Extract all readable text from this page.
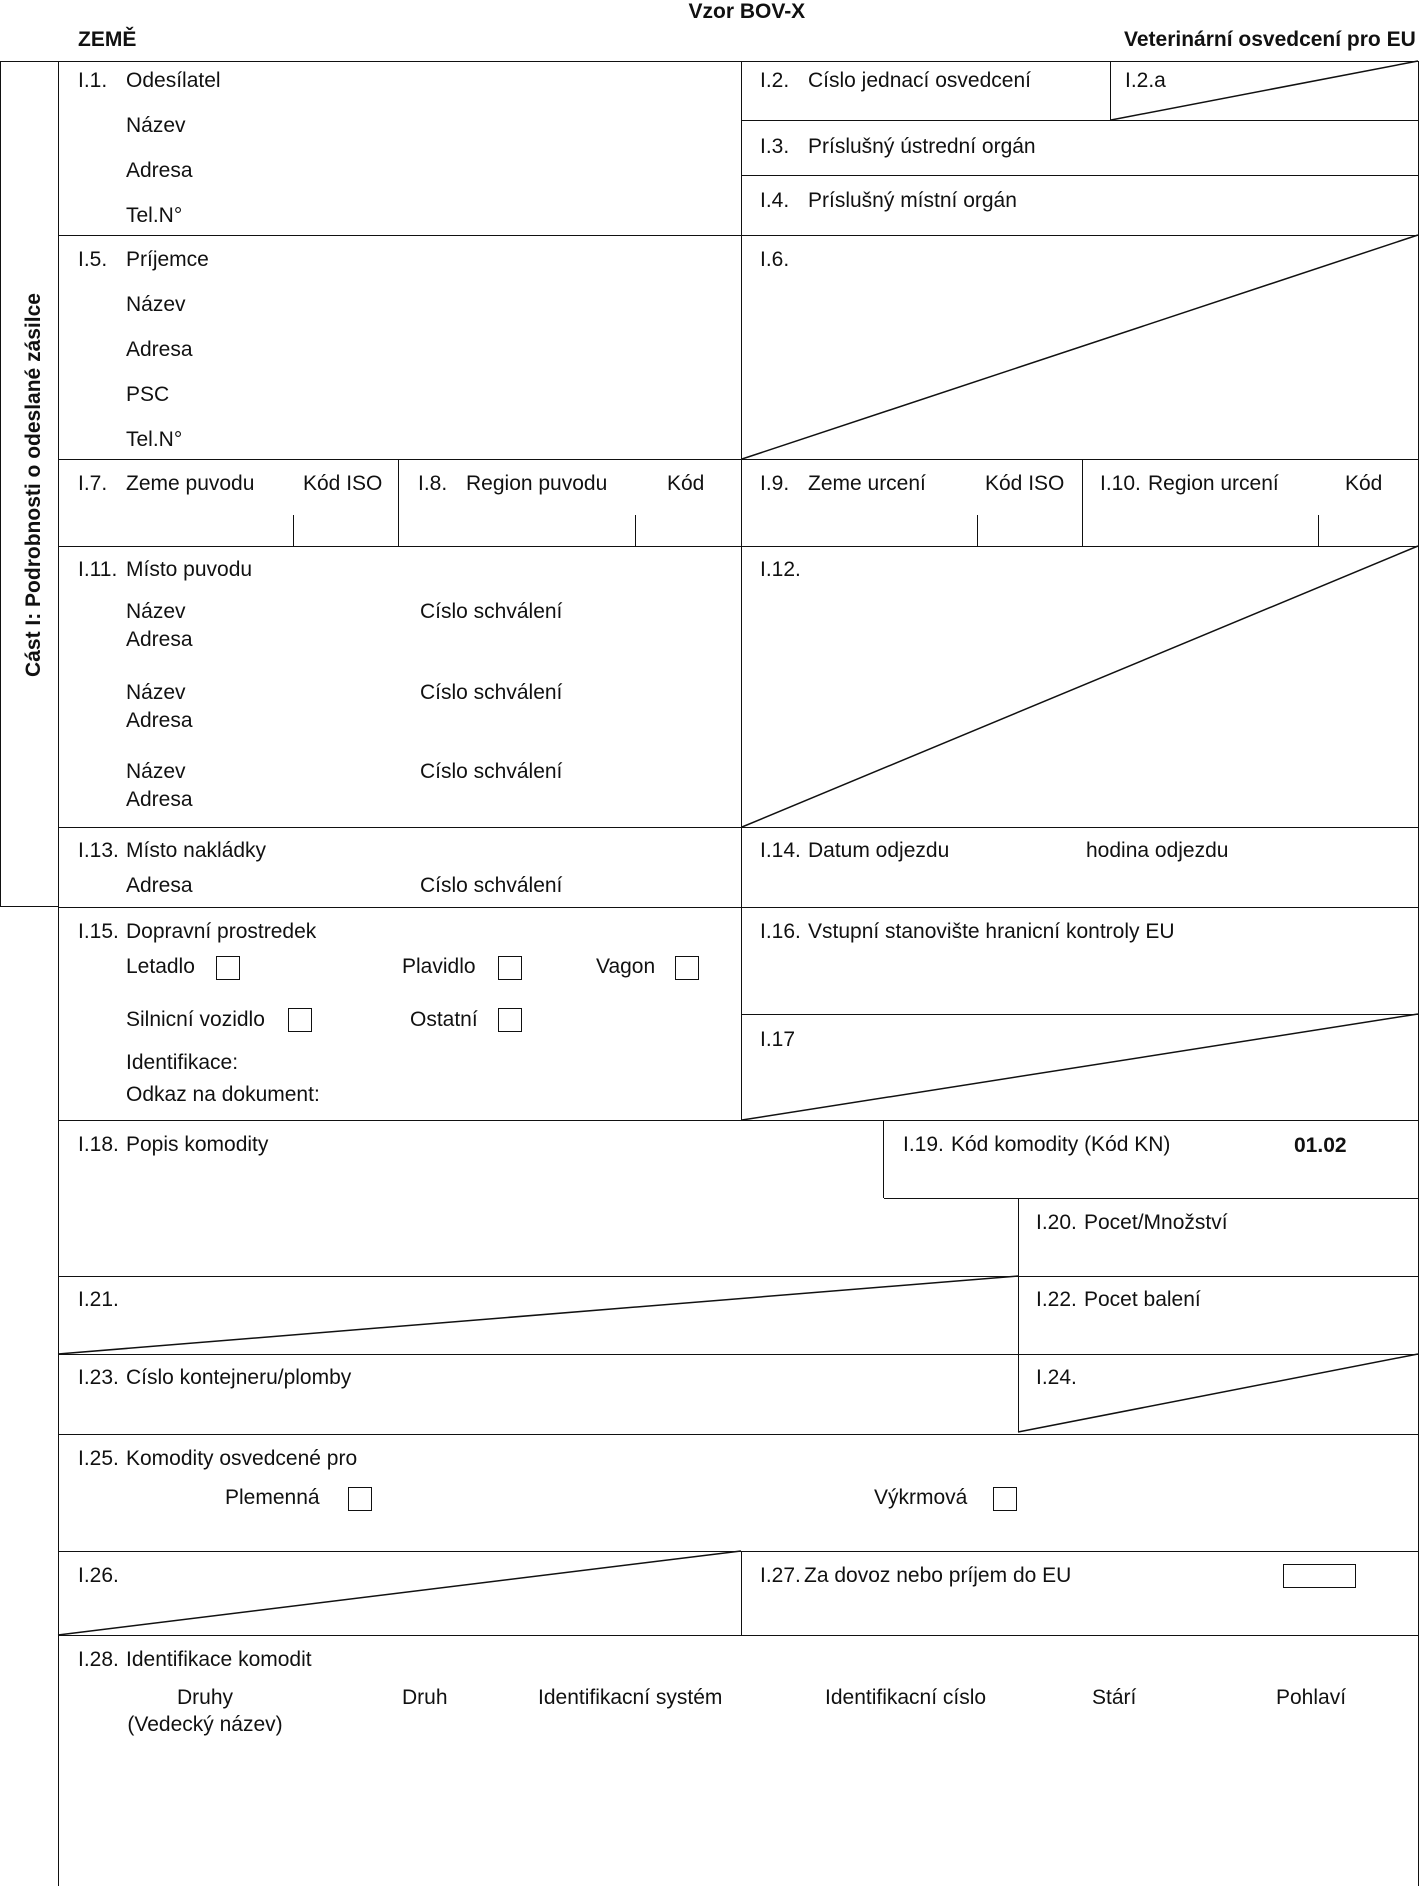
Vzor BOV-X
ZEMĚ	Veterinární osvedcení pro EU
Cást I: Podrobnosti o odeslané zásilce
I.1. Odesílatel
Název
Adresa
Tel.N°
I.2. Císlo jednací osvedcení	I.2.a
I.3. Príslušný ústrední orgán
I.4. Príslušný místní orgán
I.5. Príjemce
Název
Adresa
PSC
Tel.N°
I.6.
I.7. Zeme puvodu Kód ISO I.8. Region puvodu	Kód	I.9. Zeme urcení	Kód ISO I.10. Region urcení	Kód
I.11. Místo puvodu
Název	Císlo schválení
Adresa
Název	Císlo schválení
Adresa
Název	Císlo schválení
Adresa
I.12.
I.13. Místo nakládky
Adresa	Císlo schválení
I.14. Datum odjezdu	hodina odjezdu
I.15. Dopravní prostredek
Letadlo	Plavidlo	Vagon
Silnicní vozidlo	Ostatní
Identifikace:
Odkaz na dokument:
I.16. Vstupní stanovište hranicní kontroly EU
I.17
I.18. Popis komodity	I.19. Kód komodity (Kód KN)	01.02
I.20. Pocet/Množství
I.21.	I.22. Pocet balení
I.23. Císlo kontejneru/plomby	I.24.
I.25. Komodity osvedcené pro
Plemenná	Výkrmová
I.26.	I.27. Za dovoz nebo príjem do EU
I.28. Identifikace komodit
Druhy
(Vedecký název)
Druh	Identifikacní systém	Identifikacní císlo	Stárí	Pohlaví
